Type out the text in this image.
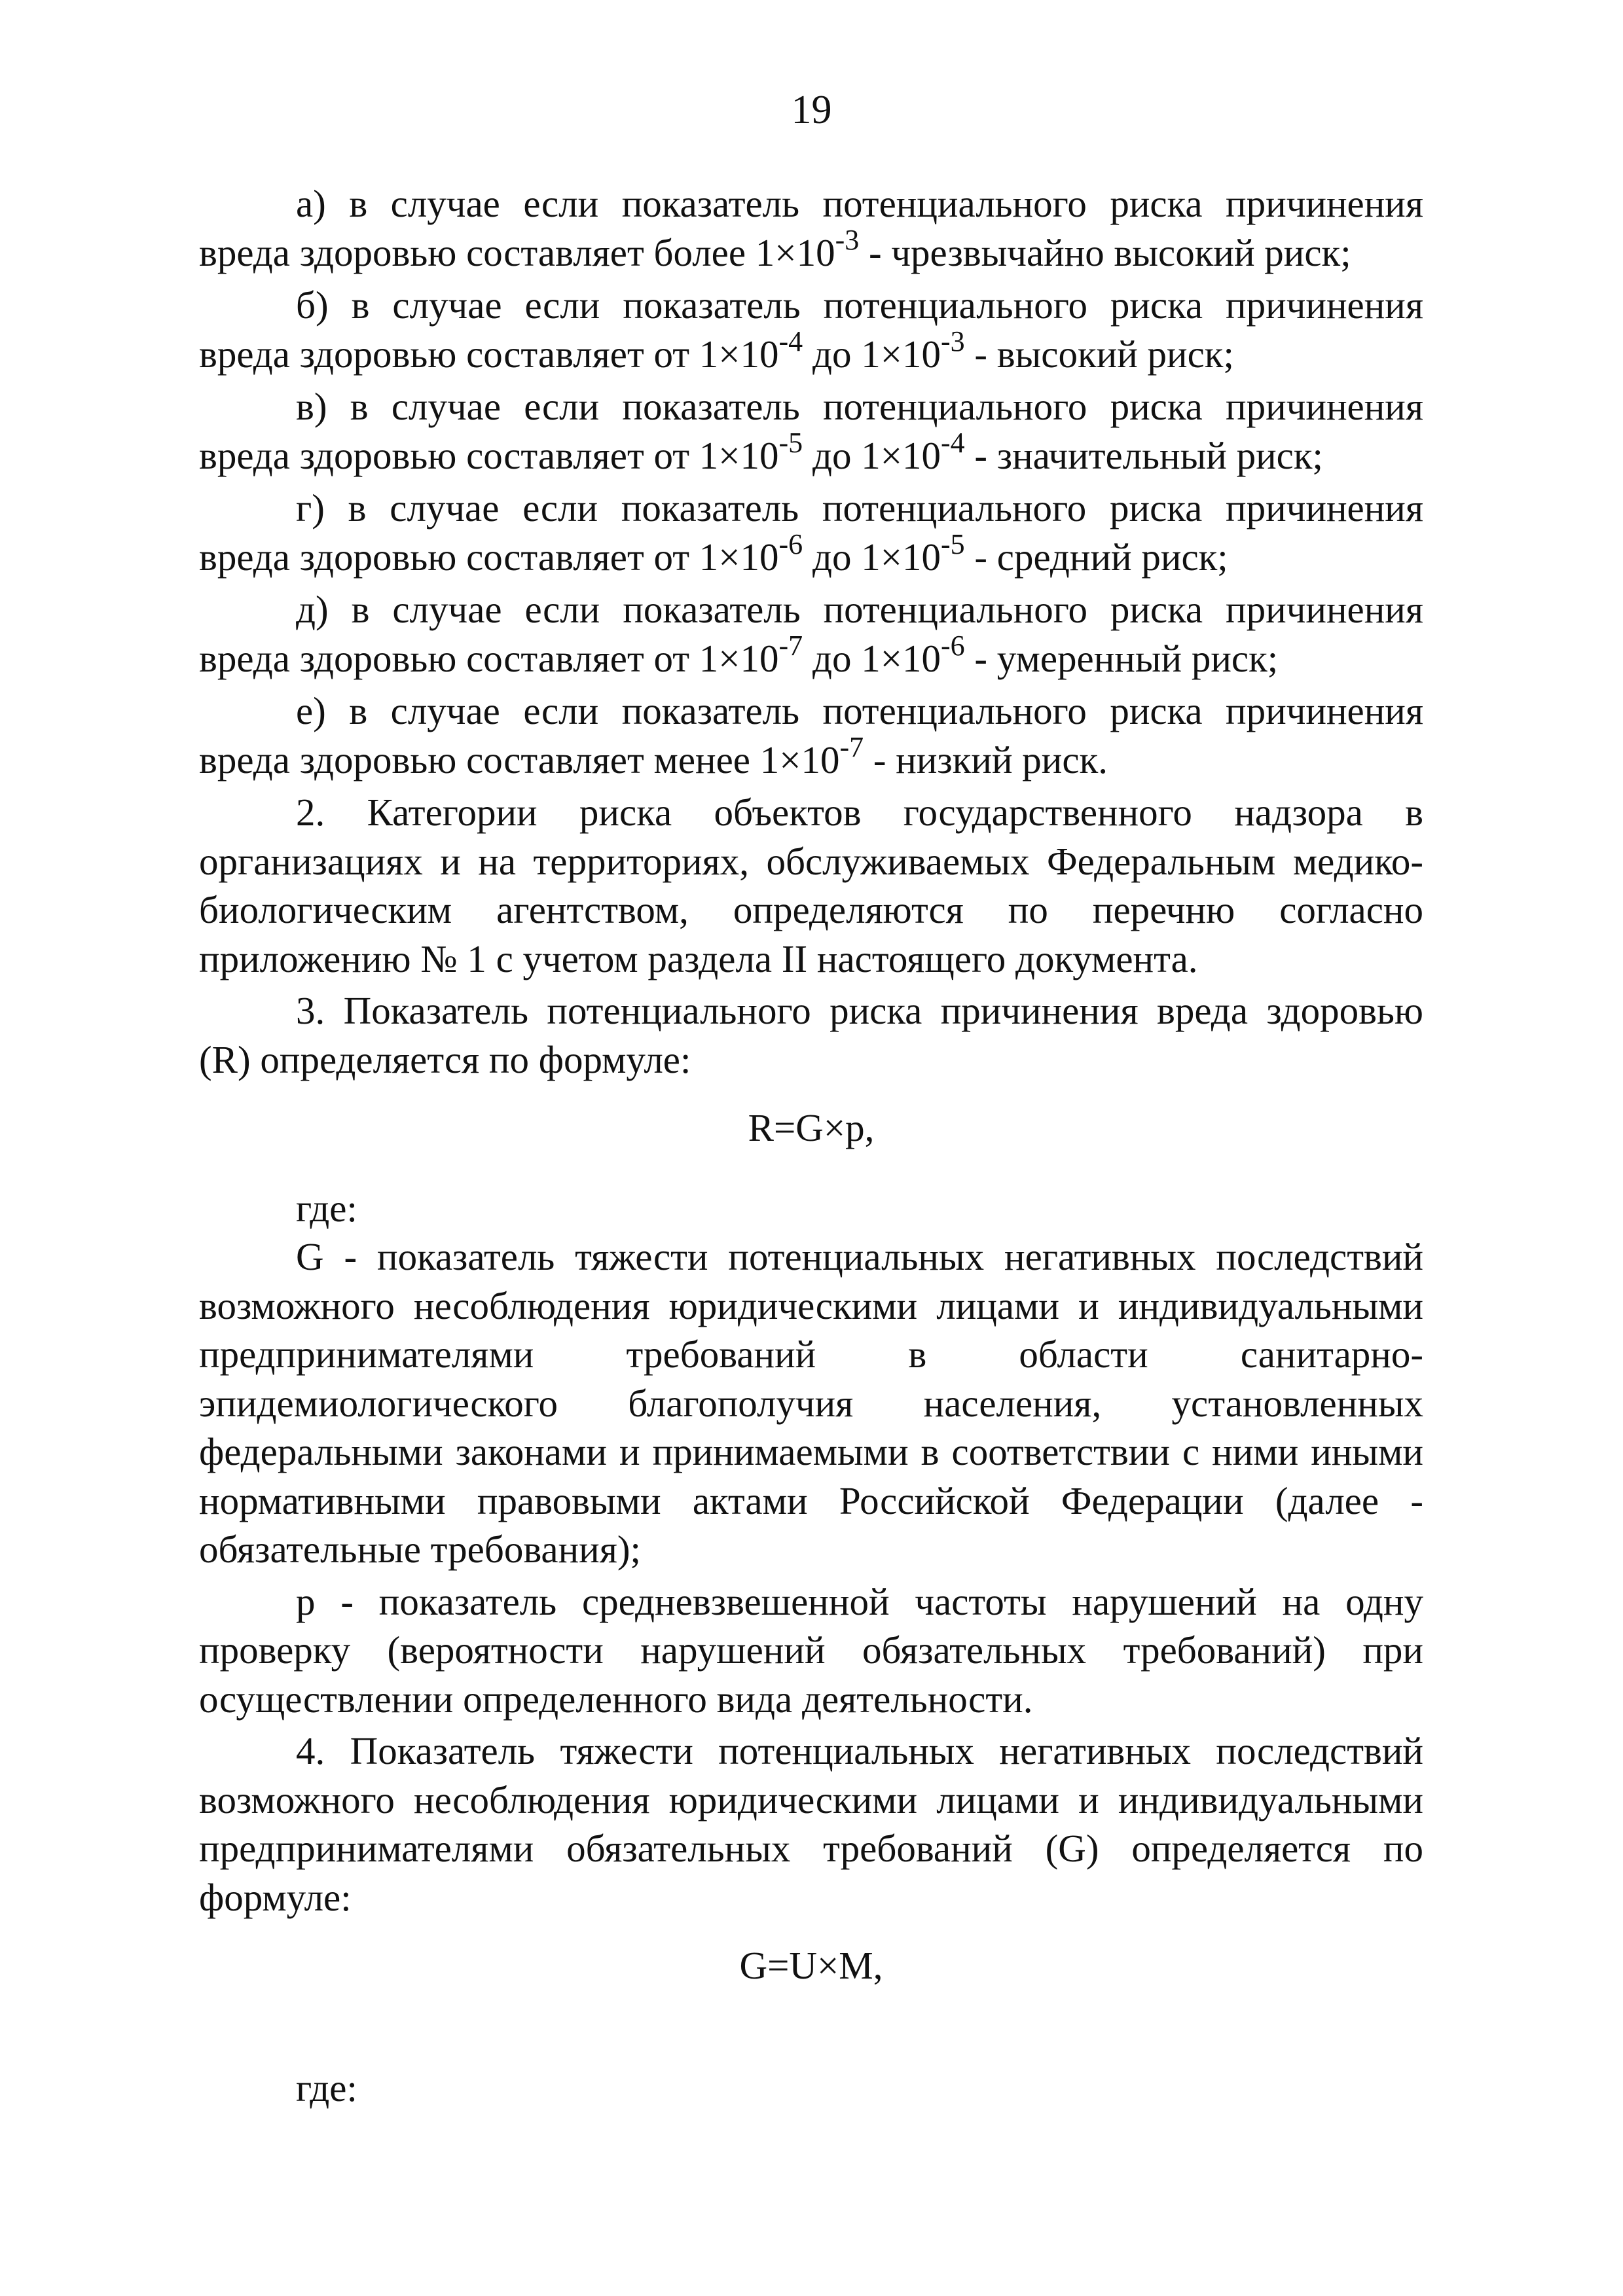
19

а) в случае если показатель потенциального риска причинения вреда здоровью составляет более $1\times 10^{-3}$ - чрезвычайно высокий риск;

б) в случае если показатель потенциального риска причинения вреда здоровью составляет от $1\times 10^{-4}$ до $1\times 10^{-3}$ - высокий риск;

в) в случае если показатель потенциального риска причинения вреда здоровью составляет от $1\times 10^{-5}$ до $1\times 10^{-4}$ - значительный риск;

г) в случае если показатель потенциального риска причинения вреда здоровью составляет от $1\times 10^{-6}$ до $1\times 10^{-5}$ - средний риск;

д) в случае если показатель потенциального риска причинения вреда здоровью составляет от $1\times 10^{-7}$ до $1\times 10^{-6}$ - умеренный риск;

е) в случае если показатель потенциального риска причинения вреда здоровью составляет менее $1\times 10^{-7}$ - низкий риск.

2. Категории риска объектов государственного надзора в организациях и на территориях, обслуживаемых Федеральным медико-биологическим агентством, определяются по перечню согласно приложению № 1 с учетом раздела II настоящего документа.

3. Показатель потенциального риска причинения вреда здоровью (R) определяется по формуле:

R=G×p,

где:

G - показатель тяжести потенциальных негативных последствий возможного несоблюдения юридическими лицами и индивидуальными предпринимателями требований в области санитарно-эпидемиологического благополучия населения, установленных федеральными законами и принимаемыми в соответствии с ними иными нормативными правовыми актами Российской Федерации (далее - обязательные требования);

p - показатель средневзвешенной частоты нарушений на одну проверку (вероятности нарушений обязательных требований) при осуществлении определенного вида деятельности.

4. Показатель тяжести потенциальных негативных последствий возможного несоблюдения юридическими лицами и индивидуальными предпринимателями обязательных требований (G) определяется по формуле:

G=U×M,

где:
